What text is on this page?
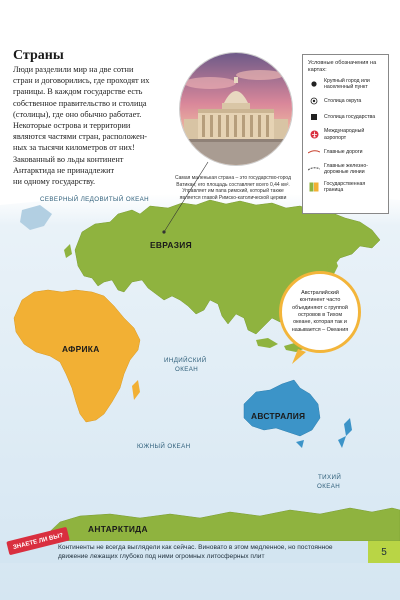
Страны

Люди разделили мир на две сотни

стран и договорились, где проходят их

границы. В каждом государстве есть

собственное правительство и столица

(столицы), где оно обычно работает.

Некоторые острова и территории

являются частями стран, расположен-

ных за тысячи километров от них!

Закованный во льды континент

Антарктида не принадлежит

ни одному государству.	Самая маленькая страна – это государство-город
Ватикан; его площадь составляет всего 0,44 км².
Управляет им папа римский, который также
является главой Римско-католической церкви
Условные обозначения на картах:
Крупный город или населенный пункт
Столица округа
Столица государства
Международный аэропорт
Главные дороги
Главные железно-дорожные линии
Государственная граница
СЕВЕРНЫЙ ЛЕДОВИТЫЙ ОКЕАН
ИНДИЙСКИЙ
ОКЕАН
ЮЖНЫЙ ОКЕАН
ТИХИЙ
ОКЕАН
ЕВРАЗИЯ
АФРИКА
АВСТРАЛИЯ
АНТАРКТИДА
Австралийский континент часто объединяют с группой островов в Тихом океане, которая так и называется – Океания
Континенты не всегда выглядели как сейчас. Виновато в этом медленное, но постоянное движение лежащих глубоко под ними огромных литосферных плит
ЗНАЕТЕ ЛИ ВЫ?
5
